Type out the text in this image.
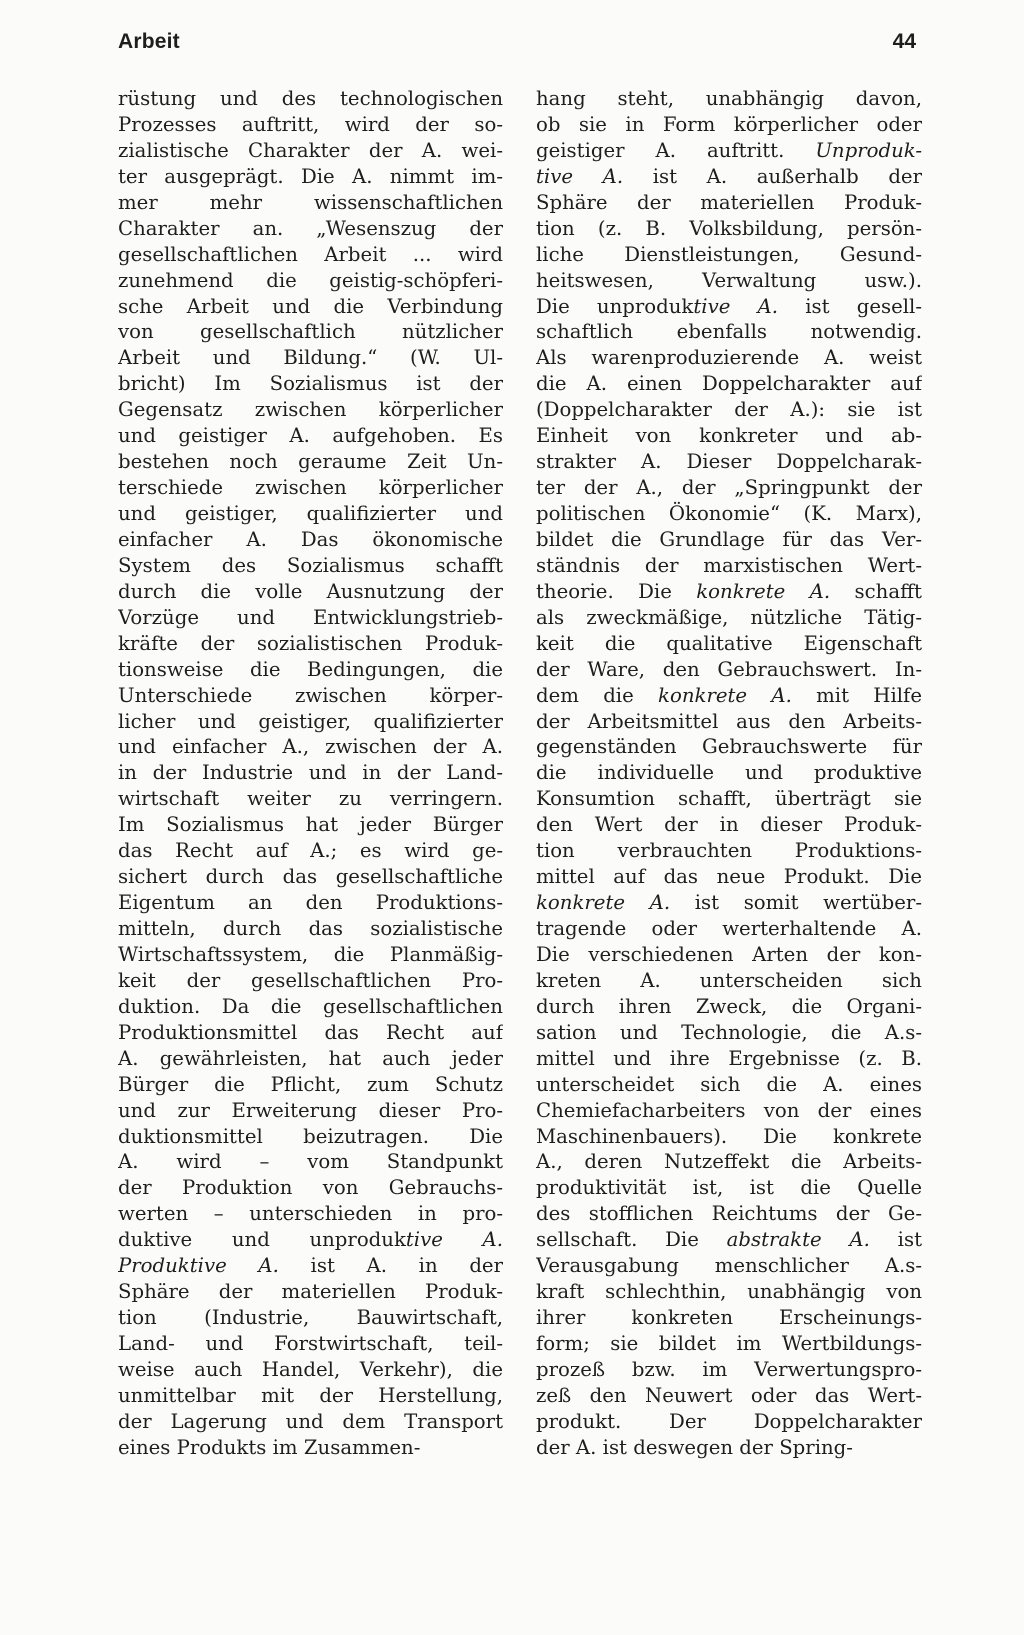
Arbeit	44
rüstung und des technologischen
Prozesses auftritt, wird der so-
zialistische Charakter der A. wei-
ter ausgeprägt. Die A. nimmt im-
mer mehr wissenschaftlichen
Charakter an. „Wesenszug der
gesellschaftlichen Arbeit ... wird
zunehmend die geistig-schöpferi-
sche Arbeit und die Verbindung
von gesellschaftlich nützlicher
Arbeit und Bildung.“ (W. Ul-
bricht) Im Sozialismus ist der
Gegensatz zwischen körperlicher
und geistiger A. aufgehoben. Es
bestehen noch geraume Zeit Un-
terschiede zwischen körperlicher
und geistiger, qualifizierter und
einfacher A. Das ökonomische
System des Sozialismus schafft
durch die volle Ausnutzung der
Vorzüge und Entwicklungstrieb-
kräfte der sozialistischen Produk-
tionsweise die Bedingungen, die
Unterschiede zwischen körper-
licher und geistiger, qualifizierter
und einfacher A., zwischen der A.
in der Industrie und in der Land-
wirtschaft weiter zu verringern.
Im Sozialismus hat jeder Bürger
das Recht auf A.; es wird ge-
sichert durch das gesellschaftliche
Eigentum an den Produktions-
mitteln, durch das sozialistische
Wirtschaftssystem, die Planmäßig-
keit der gesellschaftlichen Pro-
duktion. Da die gesellschaftlichen
Produktionsmittel das Recht auf
A. gewährleisten, hat auch jeder
Bürger die Pflicht, zum Schutz
und zur Erweiterung dieser Pro-
duktionsmittel beizutragen. Die
A. wird – vom Standpunkt
der Produktion von Gebrauchs-
werten – unterschieden in pro-
duktive und unproduktive A.
Produktive A. ist A. in der
Sphäre der materiellen Produk-
tion (Industrie, Bauwirtschaft,
Land- und Forstwirtschaft, teil-
weise auch Handel, Verkehr), die
unmittelbar mit der Herstellung,
der Lagerung und dem Transport
eines Produkts im Zusammen-
hang steht, unabhängig davon,
ob sie in Form körperlicher oder
geistiger A. auftritt. Unproduk-
tive A. ist A. außerhalb der
Sphäre der materiellen Produk-
tion (z. B. Volksbildung, persön-
liche Dienstleistungen, Gesund-
heitswesen, Verwaltung usw.).
Die unproduktive A. ist gesell-
schaftlich ebenfalls notwendig.
Als warenproduzierende A. weist
die A. einen Doppelcharakter auf
(Doppelcharakter der A.): sie ist
Einheit von konkreter und ab-
strakter A. Dieser Doppelcharak-
ter der A., der „Springpunkt der
politischen Ökonomie“ (K. Marx),
bildet die Grundlage für das Ver-
ständnis der marxistischen Wert-
theorie. Die konkrete A. schafft
als zweckmäßige, nützliche Tätig-
keit die qualitative Eigenschaft
der Ware, den Gebrauchswert. In-
dem die konkrete A. mit Hilfe
der Arbeitsmittel aus den Arbeits-
gegenständen Gebrauchswerte für
die individuelle und produktive
Konsumtion schafft, überträgt sie
den Wert der in dieser Produk-
tion verbrauchten Produktions-
mittel auf das neue Produkt. Die
konkrete A. ist somit wertüber-
tragende oder werterhaltende A.
Die verschiedenen Arten der kon-
kreten A. unterscheiden sich
durch ihren Zweck, die Organi-
sation und Technologie, die A.s-
mittel und ihre Ergebnisse (z. B.
unterscheidet sich die A. eines
Chemiefacharbeiters von der eines
Maschinenbauers). Die konkrete
A., deren Nutzeffekt die Arbeits-
produktivität ist, ist die Quelle
des stofflichen Reichtums der Ge-
sellschaft. Die abstrakte A. ist
Verausgabung menschlicher A.s-
kraft schlechthin, unabhängig von
ihrer konkreten Erscheinungs-
form; sie bildet im Wertbildungs-
prozeß bzw. im Verwertungspro-
zeß den Neuwert oder das Wert-
produkt. Der Doppelcharakter
der A. ist deswegen der Spring-
